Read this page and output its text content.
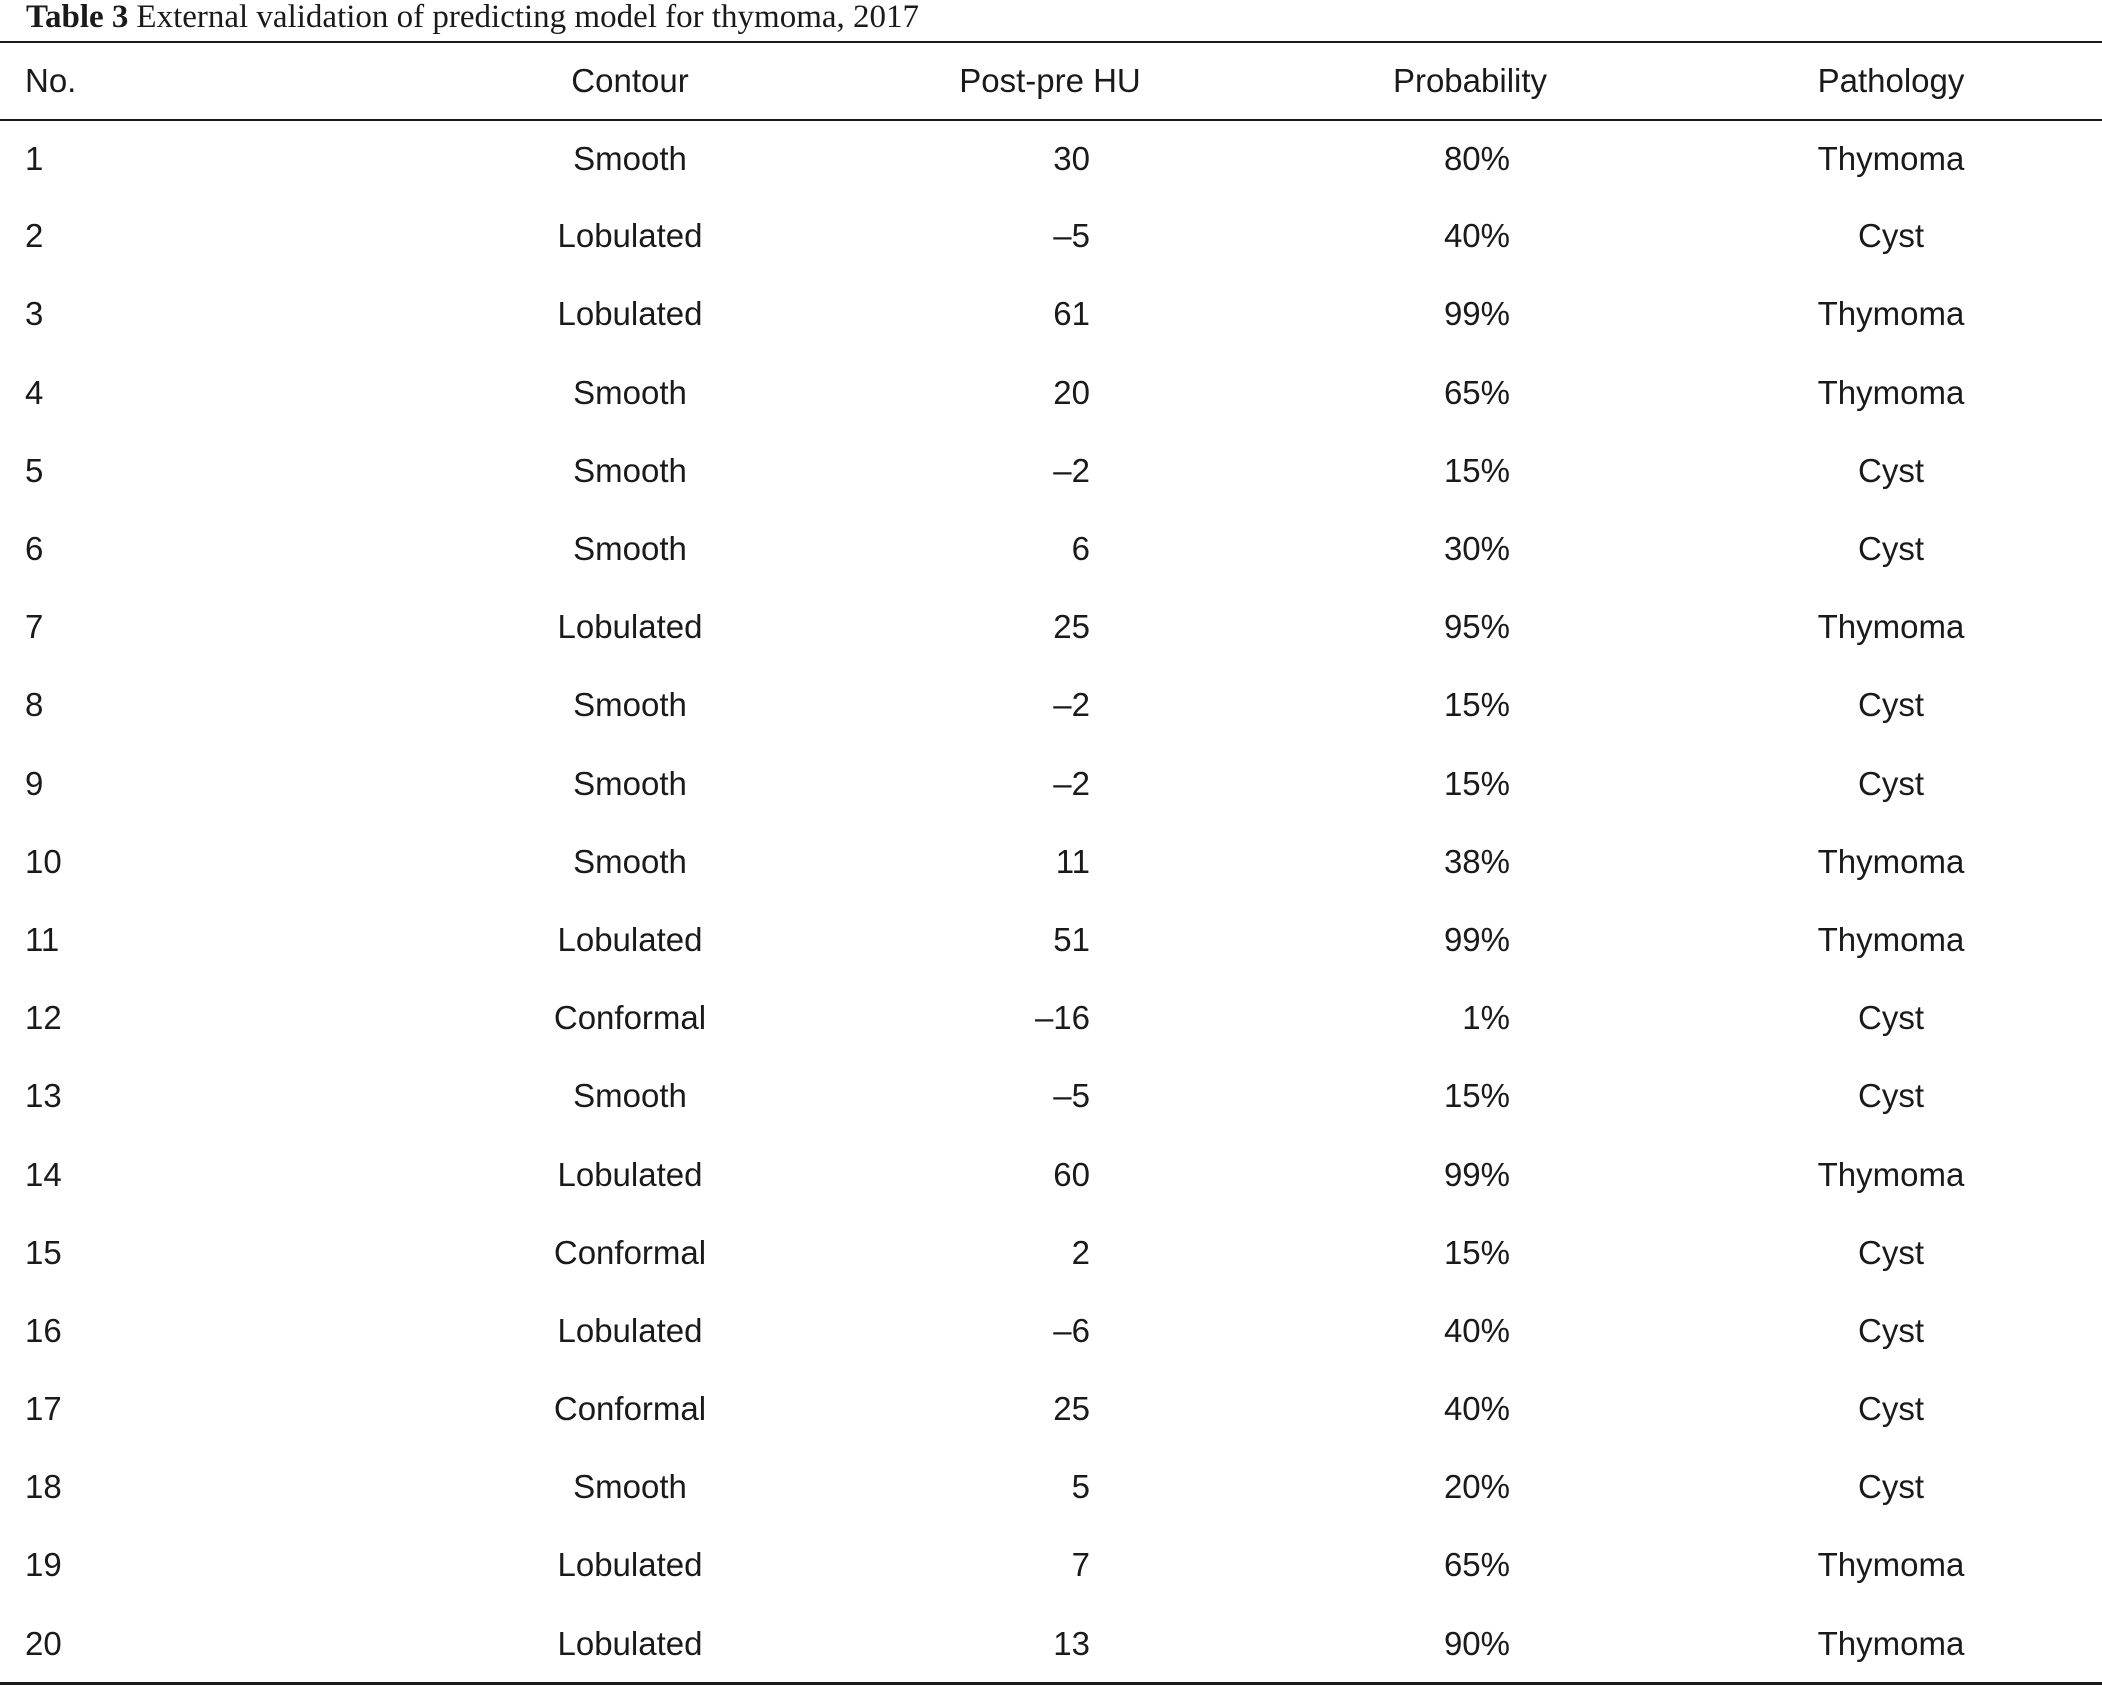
Table 3 External validation of predicting model for thymoma, 2017
No.	Contour	Post-pre HU	Probability	Pathology
1	Smooth	30	80%	Thymoma
2	Lobulated	–5	40%	Cyst
3	Lobulated	61	99%	Thymoma
4	Smooth	20	65%	Thymoma
5	Smooth	–2	15%	Cyst
6	Smooth	6	30%	Cyst
7	Lobulated	25	95%	Thymoma
8	Smooth	–2	15%	Cyst
9	Smooth	–2	15%	Cyst
10	Smooth	11	38%	Thymoma
11	Lobulated	51	99%	Thymoma
12	Conformal	–16	1%	Cyst
13	Smooth	–5	15%	Cyst
14	Lobulated	60	99%	Thymoma
15	Conformal	2	15%	Cyst
16	Lobulated	–6	40%	Cyst
17	Conformal	25	40%	Cyst
18	Smooth	5	20%	Cyst
19	Lobulated	7	65%	Thymoma
20	Lobulated	13	90%	Thymoma
